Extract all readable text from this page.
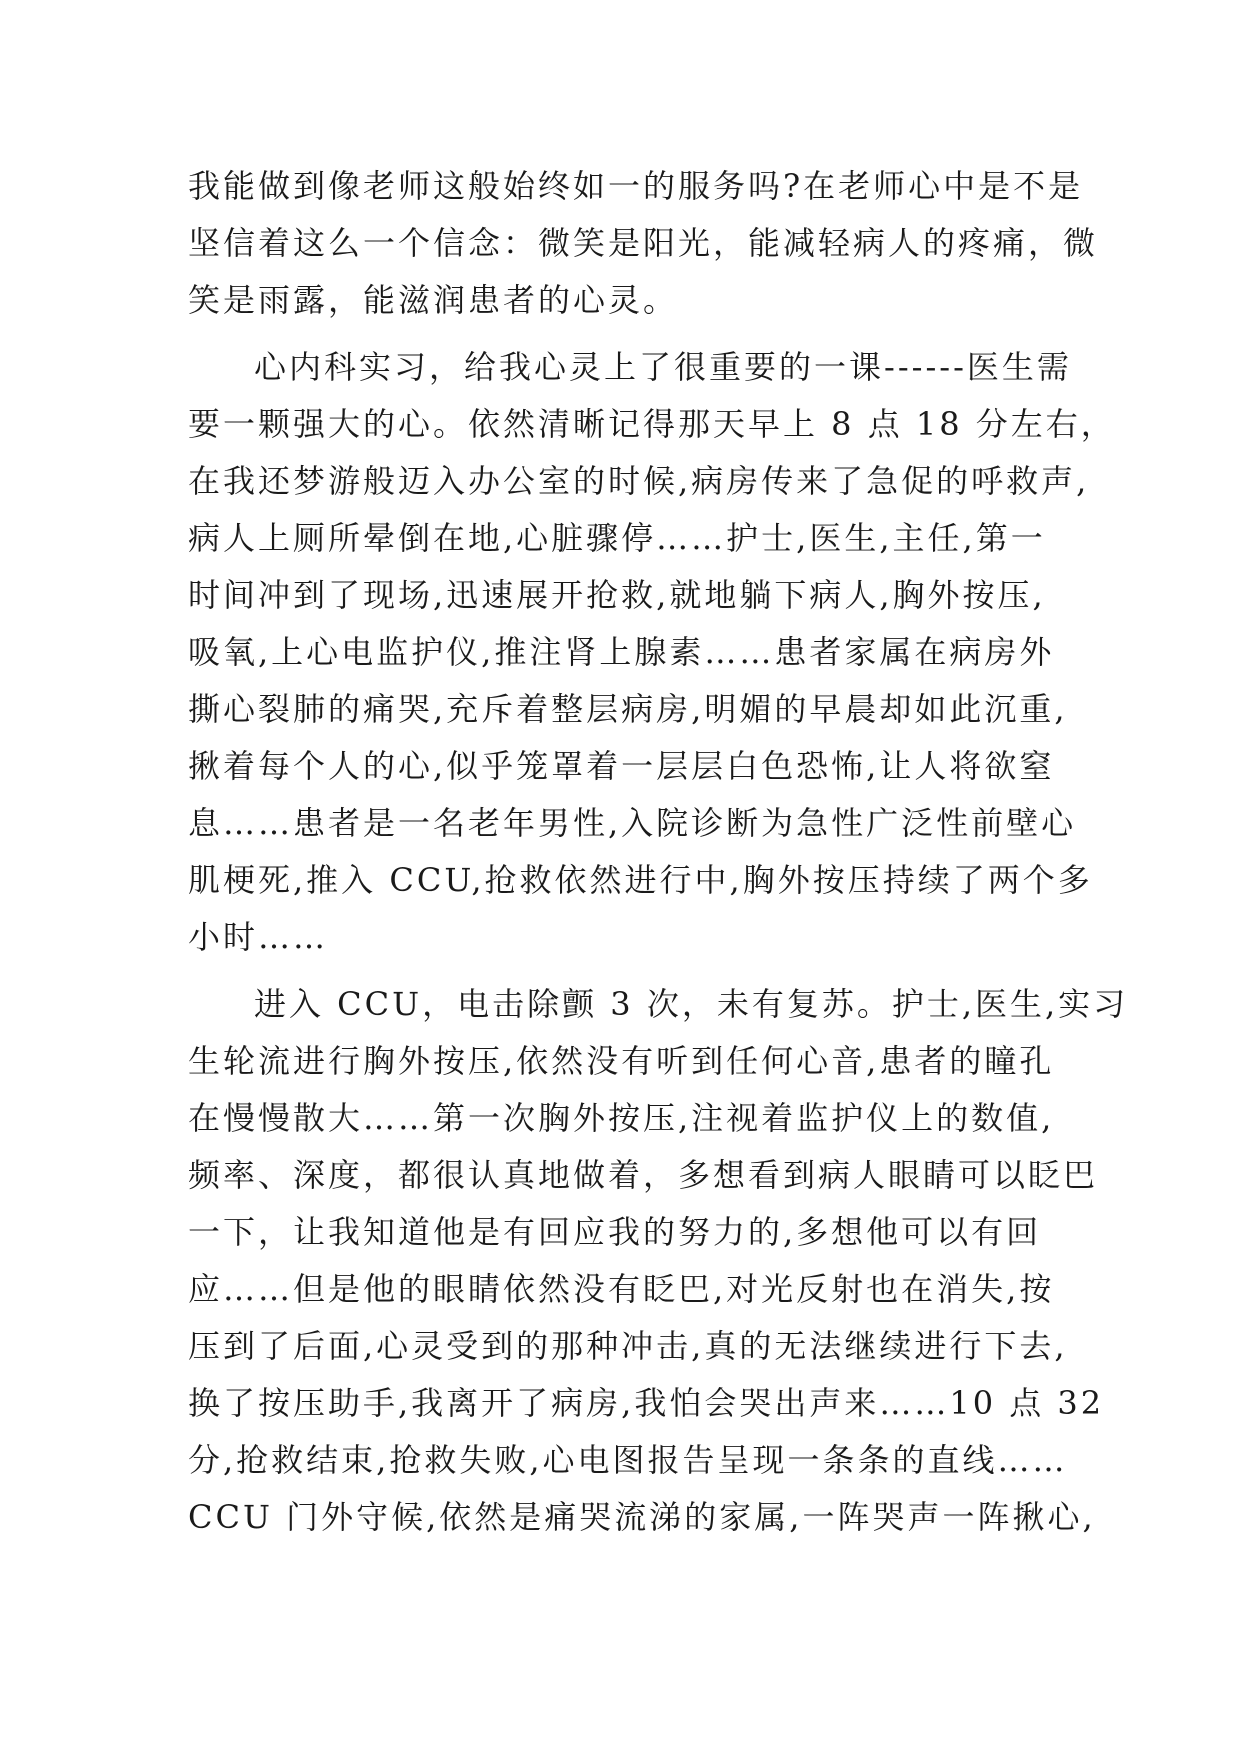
我能做到像老师这般始终如一的服务吗?在老师心中是不是
坚信着这么一个信念：微笑是阳光，能减轻病人的疼痛，微
笑是雨露，能滋润患者的心灵。
心内科实习，给我心灵上了很重要的一课------医生需
要一颗强大的心。依然清晰记得那天早上 8 点 18 分左右，
在我还梦游般迈入办公室的时候,病房传来了急促的呼救声,
病人上厕所晕倒在地,心脏骤停……护士,医生,主任,第一
时间冲到了现场,迅速展开抢救,就地躺下病人,胸外按压,
吸氧,上心电监护仪,推注肾上腺素……患者家属在病房外
撕心裂肺的痛哭,充斥着整层病房,明媚的早晨却如此沉重,
揪着每个人的心,似乎笼罩着一层层白色恐怖,让人将欲窒
息……患者是一名老年男性,入院诊断为急性广泛性前壁心
肌梗死,推入 CCU,抢救依然进行中,胸外按压持续了两个多
小时……
进入 CCU，电击除颤 3 次，未有复苏。护士,医生,实习
生轮流进行胸外按压,依然没有听到任何心音,患者的瞳孔
在慢慢散大……第一次胸外按压,注视着监护仪上的数值,
频率、深度，都很认真地做着，多想看到病人眼睛可以眨巴
一下，让我知道他是有回应我的努力的,多想他可以有回
应……但是他的眼睛依然没有眨巴,对光反射也在消失,按
压到了后面,心灵受到的那种冲击,真的无法继续进行下去,
换了按压助手,我离开了病房,我怕会哭出声来……10 点 32
分,抢救结束,抢救失败,心电图报告呈现一条条的直线……
CCU 门外守候,依然是痛哭流涕的家属,一阵哭声一阵揪心,
